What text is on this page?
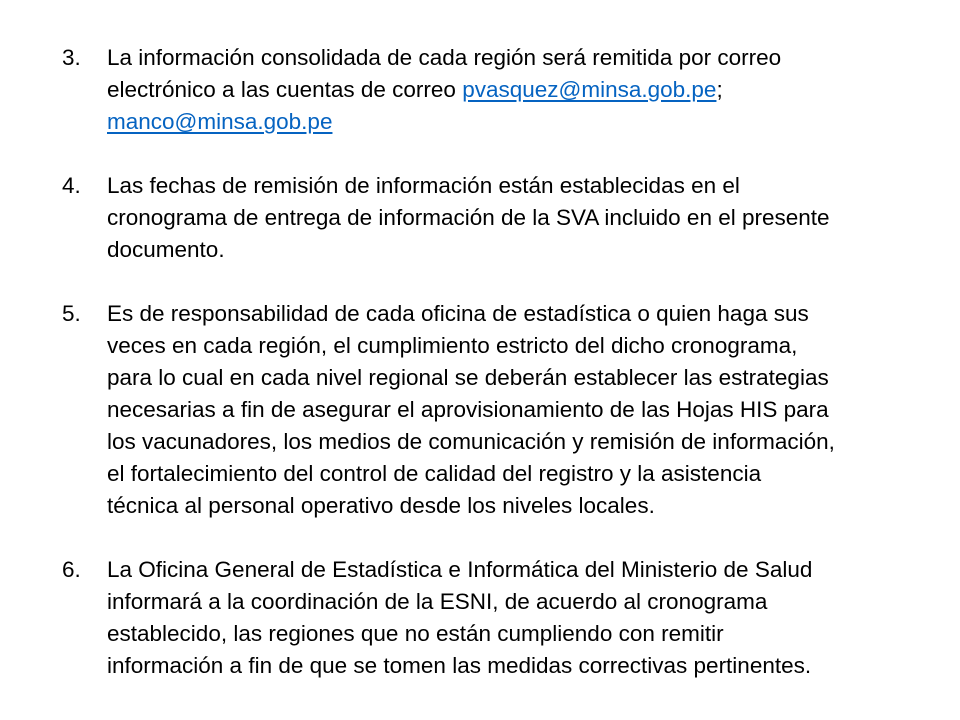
3. La información consolidada de cada región será remitida por correo

electrónico a las cuentas de correo pvasquez@minsa.gob.pe;

manco@minsa.gob.pe

4. Las fechas de remisión de información están establecidas en el

cronograma de entrega de información de la SVA incluido en el presente

documento.

5. Es de responsabilidad de cada oficina de estadística o quien haga sus

veces en cada región, el cumplimiento estricto del dicho cronograma,

para lo cual en cada nivel regional se deberán establecer las estrategias

necesarias a fin de asegurar el aprovisionamiento de las Hojas HIS para

los vacunadores, los medios de comunicación y remisión de información,

el fortalecimiento del control de calidad del registro y la asistencia

técnica al personal operativo desde los niveles locales.

6. La Oficina General de Estadística e Informática del Ministerio de Salud

informará a la coordinación de la ESNI, de acuerdo al cronograma

establecido, las regiones que no están cumpliendo con remitir

información a fin de que se tomen las medidas correctivas pertinentes.
